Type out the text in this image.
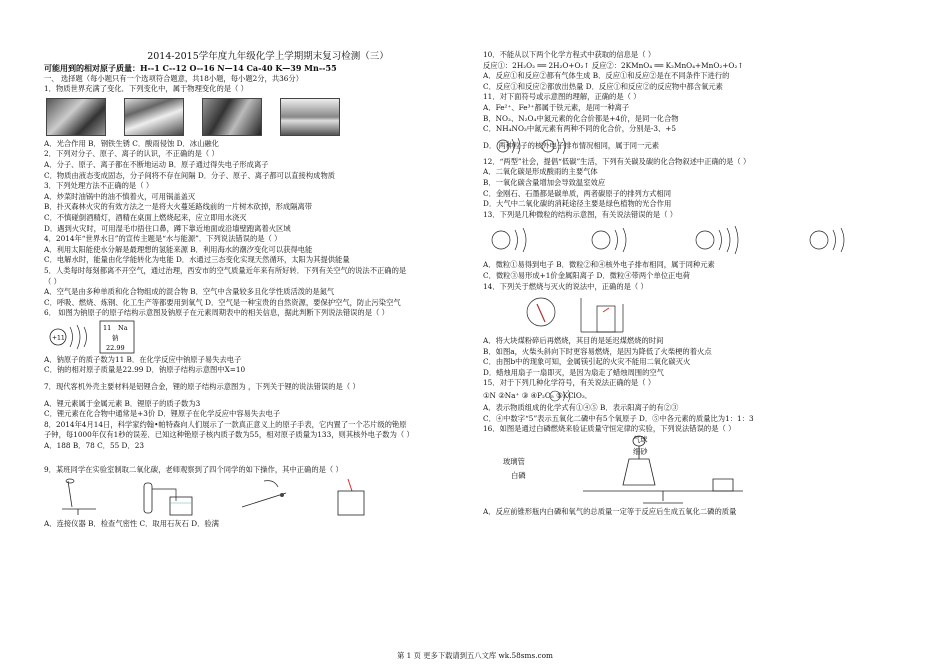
2014-2015学年度九年级化学上学期期末复习检测（三）
可能用到的相对原子质量：H--1 C--12 O--16 N—14 Ca-40 K—39 Mn--55
一、 选择题（每小题只有一个选项符合题意，共18小题，每小题2分，共36分）
1．物质世界充满了变化．下列变化中，属于物理变化的是（ ）
A．光合作用 B．钢铁生锈 C．酸雨侵蚀 D．冰山融化
2．下列对分子、原子、离子的认识，不正确的是（ ）
A．分子、原子、离子都在不断地运动 B．原子通过得失电子形成离子
C．物质由液态变成固态，分子间将不存在间隔 D．分子、原子、离子都可以直接构成物质
3．下列处理方法不正确的是（ ）
A．炒菜时油锅中的油不慎着火，可用锅盖盖灭
B．扑灭森林火灾的有效方法之一是将大火蔓延路线前的一片树木砍掉，形成隔离带
C．不慎碰倒酒精灯，酒精在桌面上燃烧起来，应立即用水浇灭
D．遇到火灾时，可用湿毛巾捂住口鼻，蹲下靠近地面或沿墙壁跑离着火区域
4．2014年“世界水日”的宣传主题是“水与能源”．下列说法错误的是（ ）
A．利用太阳能使水分解是最理想的氢能来源 B．利用海水的潮汐变化可以获得电能
C．电解水时，能量由化学能转化为电能 D．水通过三态变化实现天然循环，太阳为其提供能量
5．人类每时每刻都离不开空气，通过治理，西安市的空气质量近年来有所好转．下列有关空气的说法不正确的是
（ ）
A．空气是由多种单质和化合物组成的混合物 B．空气中含量较多且化学性质活泼的是氮气
C．呼吸、燃烧、炼钢、化工生产等都要用到氧气 D．空气是一种宝贵的自然资源，要保护空气，防止污染空气
6． 如图为钠原子的原子结构示意图及钠原子在元素周期表中的相关信息，据此判断下列说法错误的是（ ）
+11
11 Na
钠
22.99
A．钠原子的质子数为11 B．在化学反应中钠原子易失去电子
C．钠的相对原子质量是22.99 D．钠原子结构示意图中X=10
7．现代客机外壳主要材料是铝锂合金，锂的原子结构示意图为 ，下列关于锂的说法错误的是（ ）
A．锂元素属于金属元素 B．锂原子的质子数为3
C．锂元素在化合物中通常是+3价 D．锂原子在化学反应中容易失去电子
8．2014年4月14日，科学家约翰•帕特森向人们展示了一款真正意义上的原子手表，它内置了一个芯片级的铯原
子钟，每1000年仅有1秒的误差．已知这种铯原子核内质子数为55，相对原子质量为133，则其核外电子数为（ ）
A．188 B．78 C．55 D．23
9．某班同学在实验室制取二氧化碳，老师观察到了四个同学的如下操作，其中正确的是（ ）
A．连接仪器 B．检查气密性 C．取用石灰石 D．验满
10．不能从以下两个化学方程式中获取的信息是（ ）
反应①：2H₂O₂ ══ 2H₂O+O₂↑ 反应②：2KMnO₄ ══ K₂MnO₄+MnO₂+O₂↑
A．反应①和反应②都有气体生成 B．反应①和反应②是在不同条件下进行的
C．反应①和反应②都放出热量 D．反应①和反应②的反应物中都含氧元素
11．对下面符号或示意图的理解，正确的是（ ）
A．Fe²⁺、Fe³⁺都属于铁元素，是同一种离子
B．NO₂、N₂O₄中氮元素的化合价都是+4价，是同一化合物
C．NH₄NO₃中氮元素有两种不同的化合价，分别是-3、+5
D． 两种粒子的核外电子排布情况相同，属于同一元素
12．“两型”社会，提倡“低碳”生活，下列有关碳及碳的化合物叙述中正确的是（ ）
A．二氧化碳是形成酸雨的主要气体
B．一氧化碳含量增加会导致温室效应
C．金刚石、石墨都是碳单质，两者碳原子的排列方式相同
D．大气中二氧化碳的消耗途径主要是绿色植物的光合作用
13．下列是几种微粒的结构示意图，有关说法错误的是（ ）
A．微粒①易得到电子 B．微粒②和④核外电子排布相同，属于同种元素
C．微粒③易形成+1价金属阳离子 D．微粒④带两个单位正电荷
14．下列关于燃烧与灭火的说法中，正确的是（ ）
A．将大块煤粉碎后再燃烧，其目的是延迟煤燃烧的时间
B．如图a，火柴头斜向下时更容易燃烧，是因为降低了火柴梗的着火点
C．由图b中的现象可知，金属镁引起的火灾不能用二氧化碳灭火
D．蜡烛用扇子一扇即灭，是因为扇走了蜡烛周围的空气
15．对于下列几种化学符号，有关说法正确的是（ ）
①N ②Na⁺ ③ ④P₂O₅ ⑤KClO₃．
A．表示物质组成的化学式有①④⑤ B．表示阳离子的有②③
C．④中数字“5”表示五氧化二磷中有5个氧原子 D．⑤中各元素的质量比为1：1：3
16．如图是通过白磷燃烧来验证质量守恒定律的实验，下列说法错误的是（ ）
气球
细砂
玻璃管
白磷
A．反应前锥形瓶内白磷和氧气的总质量一定等于反应后生成五氧化二磷的质量
第 1 页 更多下载请到五八文库 wk.58sms.com
